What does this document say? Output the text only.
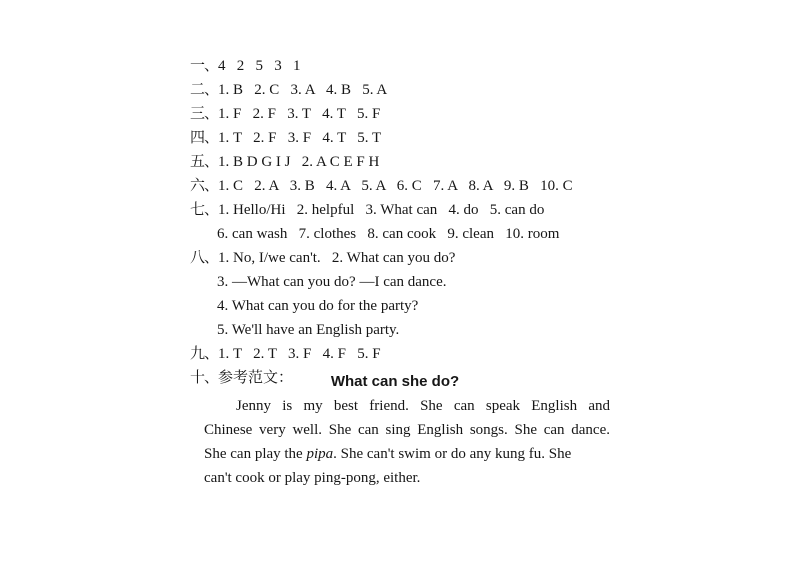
一、4   2   5   3   1

二、1. B   2. C   3. A   4. B   5. A

三、1. F   2. F   3. T   4. T   5. F

四、1. T   2. F   3. F   4. T   5. T

五、1. B D G I J   2. A C E F H

六、1. C   2. A   3. B   4. A   5. A   6. C   7. A   8. A   9. B   10. C

七、1. Hello/Hi   2. helpful   3. What can   4. do   5. can do

6. can wash   7. clothes   8. can cook   9. clean   10. room

八、1. No, I/we can't.   2. What can you do?

3. —What can you do? —I can dance.

4. What can you do for the party?

5. We'll have an English party.

九、1. T   2. T   3. F   4. F   5. F

十、参考范文：
	What can she do?
Jenny is my best friend. She can speak English and
Chinese very well. She can sing English songs. She can dance.
She can play the pipa. She can't swim or do any kung fu. She
can't cook or play ping-pong, either.
